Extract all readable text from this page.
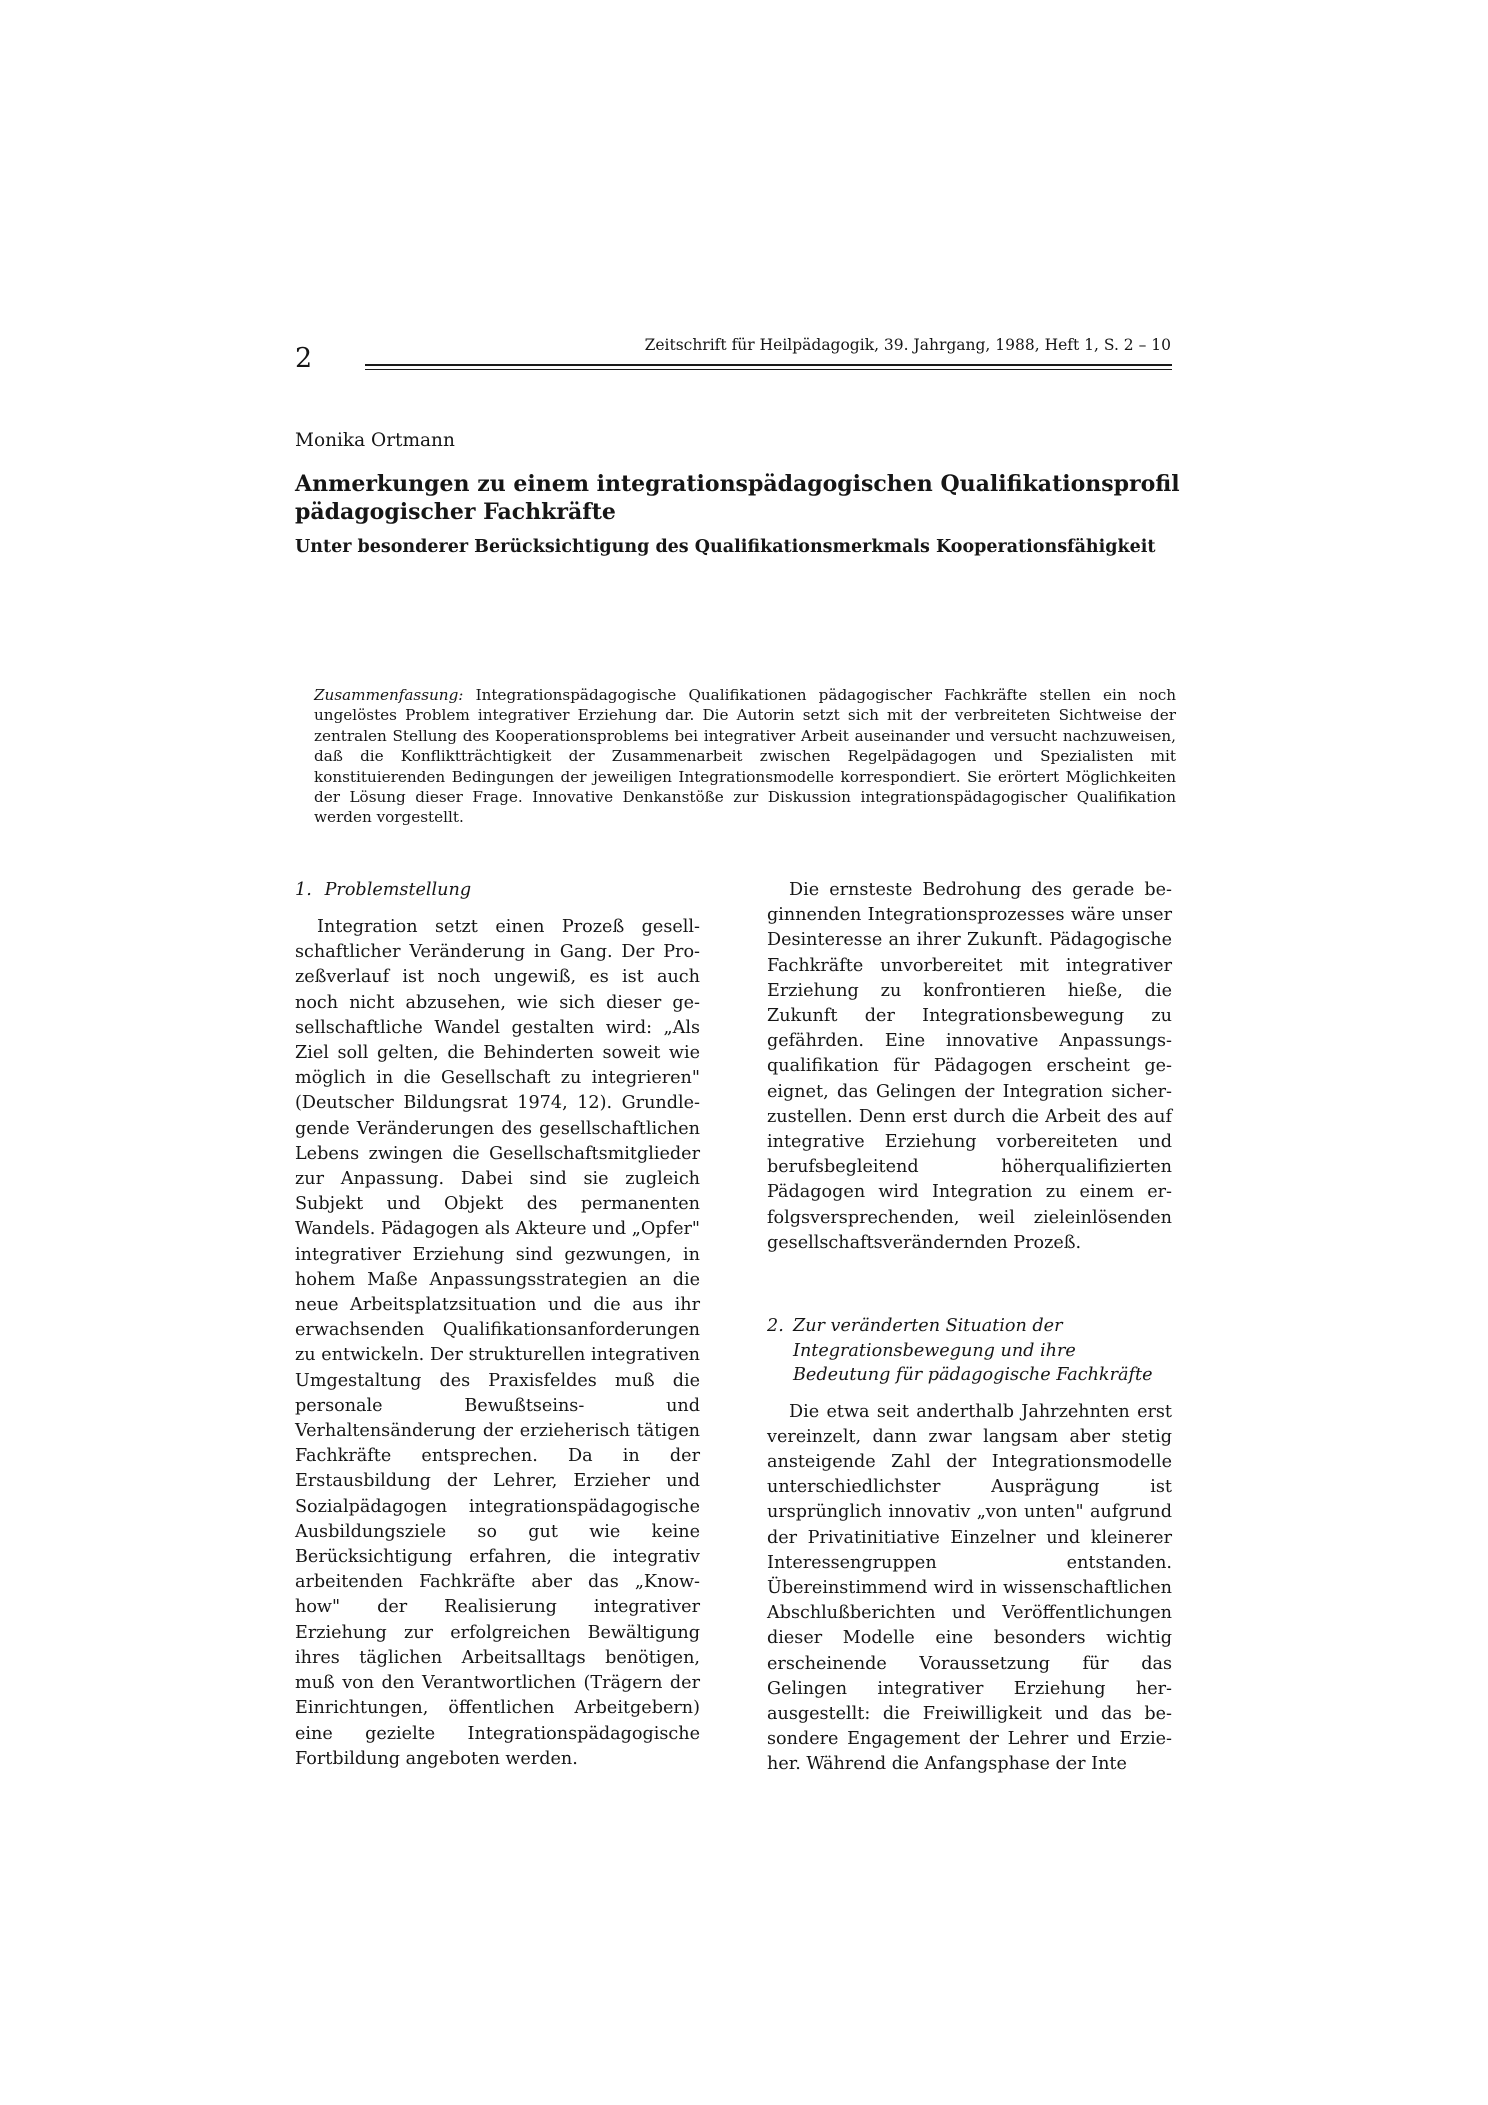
2	Zeitschrift für Heilpädagogik, 39. Jahrgang, 1988, Heft 1, S. 2 – 10
Monika Ortmann
Anmerkungen zu einem integrationspädagogischen Qualifikationsprofil pädagogischer Fachkräfte
Unter besonderer Berücksichtigung des Qualifikationsmerkmals Kooperationsfähigkeit
Zusammenfassung: Integrationspädagogische Qualifikationen pädagogischer Fachkräfte stellen ein noch ungelöstes Problem integrativer Erziehung dar. Die Autorin setzt sich mit der verbreiteten Sichtweise der zentralen Stellung des Kooperationsproblems bei integrativer Arbeit auseinander und versucht nachzuweisen, daß die Konfliktträchtigkeit der Zusammenarbeit zwischen Regelpädagogen und Spezialisten mit konstituierenden Bedingungen der jeweiligen Integrationsmodelle korrespondiert. Sie erörtert Möglichkeiten der Lösung dieser Frage. Innovative Denkanstöße zur Diskussion integrationspädagogischer Qualifikation werden vorgestellt.
1. Problemstellung

Integration setzt einen Prozeß gesellschaftlicher Veränderung in Gang. Der Prozeßverlauf ist noch ungewiß, es ist auch noch nicht abzusehen, wie sich dieser gesellschaftliche Wandel gestalten wird: „Als Ziel soll gelten, die Behinderten soweit wie möglich in die Gesellschaft zu integrieren" (Deutscher Bildungsrat 1974, 12). Grundlegende Veränderungen des gesellschaftlichen Lebens zwingen die Gesellschaftsmitglieder zur Anpassung. Dabei sind sie zugleich Subjekt und Objekt des permanenten Wandels. Pädagogen als Akteure und „Opfer" integrativer Erziehung sind gezwungen, in hohem Maße Anpassungsstrategien an die neue Arbeitsplatzsituation und die aus ihr erwachsenden Qualifikationsanforderungen zu entwickeln. Der strukturellen integrativen Umgestaltung des Praxisfeldes muß die personale Bewußtseins- und Verhaltensänderung der erzieherisch tätigen Fachkräfte entsprechen. Da in der Erstausbildung der Lehrer, Erzieher und Sozialpädagogen integrationspädagogische Ausbildungsziele so gut wie keine Berücksichtigung erfahren, die integrativ arbeitenden Fachkräfte aber das „Know-how" der Realisierung integrativer Erziehung zur erfolgreichen Bewältigung ihres täglichen Arbeitsalltags benötigen, muß von den Verantwortlichen (Trägern der Einrichtungen, öffentlichen Arbeitgebern) eine gezielte Integrationspädagogische Fortbildung angeboten werden.

Die ernsteste Bedrohung des gerade beginnenden Integrationsprozesses wäre unser Desinteresse an ihrer Zukunft. Pädagogische Fachkräfte unvorbereitet mit integrativer Erziehung zu konfrontieren hieße, die Zukunft der Integrationsbewegung zu gefährden. Eine innovative Anpassungsqualifikation für Pädagogen erscheint geeignet, das Gelingen der Integration sicherzustellen. Denn erst durch die Arbeit des auf integrative Erziehung vorbereiteten und berufsbegleitend höherqualifizierten Pädagogen wird Integration zu einem erfolgsversprechenden, weil zieleinlösenden gesellschaftsverändernden Prozeß.

2. Zur veränderten Situation der Integrationsbewegung und ihre Bedeutung für pädagogische Fachkräfte

Die etwa seit anderthalb Jahrzehnten erst vereinzelt, dann zwar langsam aber stetig ansteigende Zahl der Integrationsmodelle unterschiedlichster Ausprägung ist ursprünglich innovativ „von unten" aufgrund der Privatinitiative Einzelner und kleinerer Interessengruppen entstanden. Übereinstimmend wird in wissenschaftlichen Abschlußberichten und Veröffentlichungen dieser Modelle eine besonders wichtig erscheinende Voraussetzung für das Gelingen integrativer Erziehung herausgestellt: die Freiwilligkeit und das besondere Engagement der Lehrer und Erzieher. Während die Anfangsphase der Inte
